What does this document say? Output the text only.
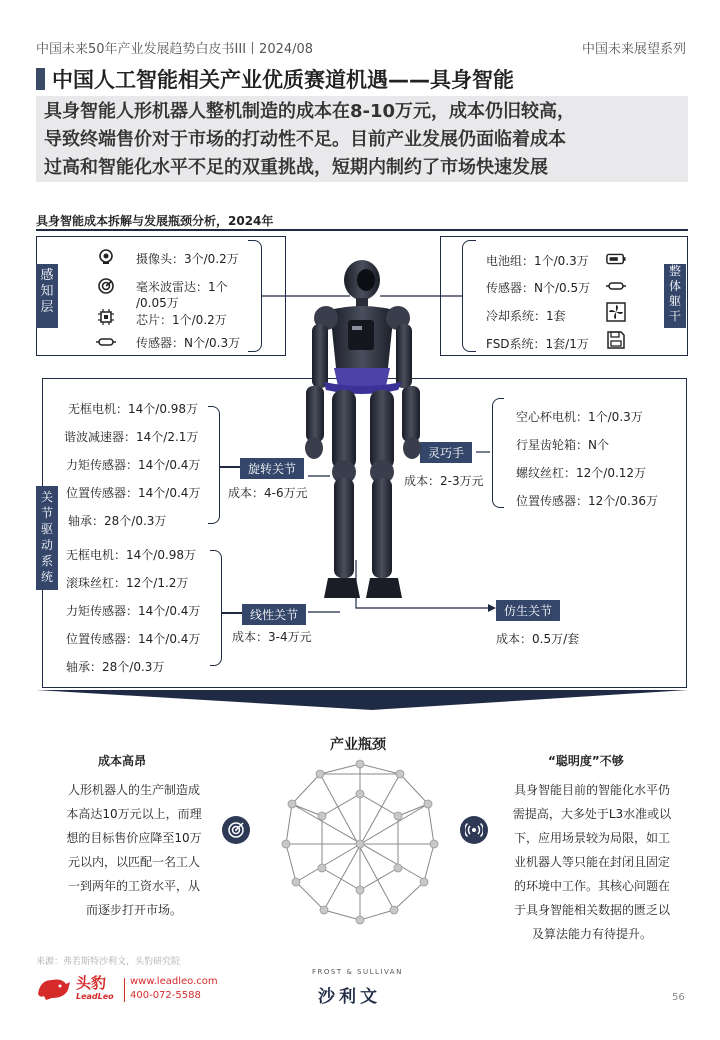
中国未来50年产业发展趋势白皮书III丨2024/08	中国未来展望系列
中国人工智能相关产业优质赛道机遇——具身智能
具身智能人形机器人整机制造的成本在8-10万元，成本仍旧较高，
导致终端售价对于市场的打动性不足。目前产业发展仍面临着成本
过高和智能化水平不足的双重挑战，短期内制约了市场快速发展
具身智能成本拆解与发展瓶颈分析，2024年
感
知
层
摄像头：3个/0.2万
毫米波雷达：1个
/0.05万
芯片：1个/0.2万
传感器：N个/0.3万
整
体
躯
干
电池组：1个/0.3万
传感器：N个/0.5万
冷却系统：1套
FSD系统：1套/1万
关
节
驱
动
系
统
无框电机：14个/0.98万
谐波减速器：14个/2.1万
力矩传感器：14个/0.4万
位置传感器：14个/0.4万
轴承：28个/0.3万
旋转关节
成本：4-6万元
无框电机：14个/0.98万
滚珠丝杠：12个/1.2万
力矩传感器：14个/0.4万
位置传感器：14个/0.4万
轴承：28个/0.3万
线性关节
成本：3-4万元
空心杯电机：1个/0.3万
行星齿轮箱：N个
螺纹丝杠：12个/0.12万
位置传感器：12个/0.36万
灵巧手
成本：2-3万元
仿生关节
成本：0.5万/套
产业瓶颈
成本高昂
人形机器人的生产制造成
本高达10万元以上，而理
想的目标售价应降至10万
元以内，以匹配一名工人
一到两年的工资水平，从
而逐步打开市场。
“聪明度”不够
具身智能目前的智能化水平仍
需提高，大多处于L3水准或以
下，应用场景较为局限，如工
业机器人等只能在封闭且固定
的环境中工作。其核心问题在
于具身智能相关数据的匮乏以
及算法能力有待提升。
来源：弗若斯特沙利文，头豹研究院
头豹
LeadLeo
www.leadleo.com
400-072-5588
FROST & SULLIVAN
沙利文	56
